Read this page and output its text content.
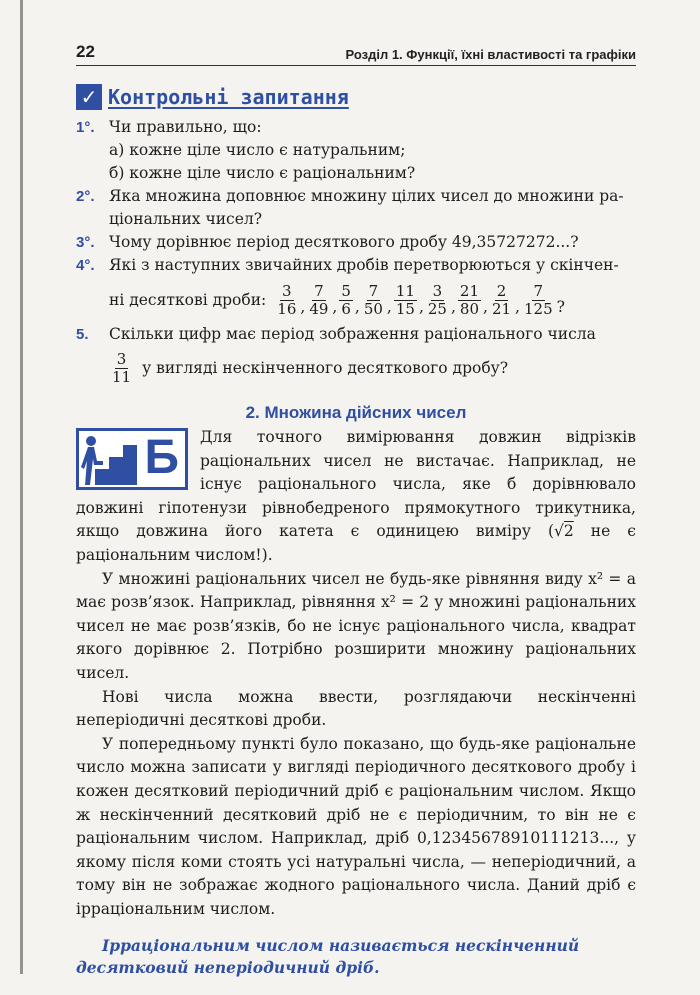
22	Розділ 1. Функції, їхні властивості та графіки
✓ Контрольні запитання
1°. Чи правильно, що:
а) кожне ціле число є натуральним;
б) кожне ціле число є раціональним?
2°. Яка множина доповнює множину цілих чисел до множини ра-
ціональних чисел?
3°. Чому дорівнює період десяткового дробу 49,35727272...?
4°. Які з наступних звичайних дробів перетворюються у скінчен-
ні десяткові дроби: $\frac{3}{16}$ , $\frac{7}{49}$ , $\frac{5}{6}$ , $\frac{7}{50}$ , $\frac{11}{15}$ , $\frac{3}{25}$ , $\frac{21}{80}$ , $\frac{2}{21}$ , $\frac{7}{125}$ ?
5. Скільки цифр має період зображення раціонального числа
$\frac{3}{11}$ у вигляді нескінченного десяткового дробу?
2. Множина дійсних чисел
Б	Для точного вимірювання довжин відрізків раціональних чисел не вистачає. Наприклад, не існує раціонального числа, яке б дорівнювало довжині гіпотенузи рівнобедреного прямокутного трикутника, якщо довжина його катета є одиницею виміру (√2 не є раціональним числом!).

У множині раціональних чисел не будь-яке рівняння виду x² = a має розв’язок. Наприклад, рівняння x² = 2 у множині раціональних чисел не має розв’язків, бо не існує раціонального числа, квадрат якого дорівнює 2. Потрібно розширити множину раціональних чисел.

Нові числа можна ввести, розглядаючи нескінченні неперіодичні десяткові дроби.

У попередньому пункті було показано, що будь-яке раціональне число можна записати у вигляді періодичного десяткового дробу і кожен десятковий періодичний дріб є раціональним числом. Якщо ж нескінченний десятковий дріб не є періодичним, то він не є раціональним числом. Наприклад, дріб 0,12345678910111213..., у якому після коми стоять усі натуральні числа, — неперіодичний, а тому він не зображає жодного раціонального числа. Даний дріб є ірраціональним числом.

Ірраціональним числом називається нескінченний десятковий неперіодичний дріб.
